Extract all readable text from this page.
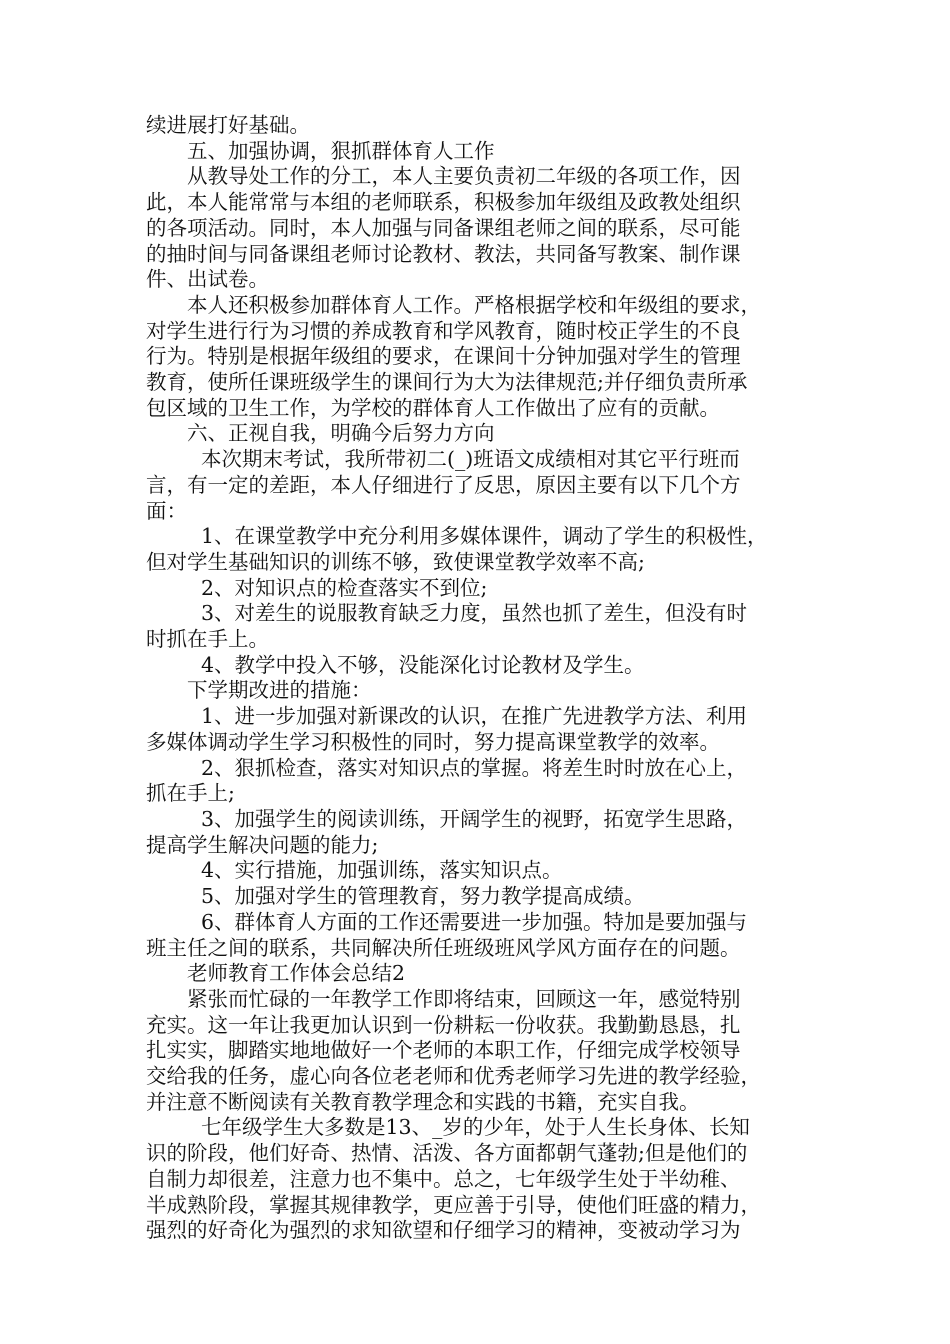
续进展打好基础。

五、加强协调，狠抓群体育人工作

从教导处工作的分工，本人主要负责初二年级的各项工作，因

此，本人能常常与本组的老师联系，积极参加年级组及政教处组织

的各项活动。同时，本人加强与同备课组老师之间的联系，尽可能

的抽时间与同备课组老师讨论教材、教法，共同备写教案、制作课

件、出试卷。

本人还积极参加群体育人工作。严格根据学校和年级组的要求，

对学生进行行为习惯的养成教育和学风教育，随时校正学生的不良

行为。特别是根据年级组的要求，在课间十分钟加强对学生的管理

教育，使所任课班级学生的课间行为大为法律规范;并仔细负责所承

包区域的卫生工作，为学校的群体育人工作做出了应有的贡献。

六、正视自我，明确今后努力方向

本次期末考试，我所带初二(_)班语文成绩相对其它平行班而

言，有一定的差距，本人仔细进行了反思，原因主要有以下几个方

面：

1、在课堂教学中充分利用多媒体课件，调动了学生的积极性，

但对学生基础知识的训练不够，致使课堂教学效率不高;

2、对知识点的检查落实不到位;

3、对差生的说服教育缺乏力度，虽然也抓了差生，但没有时

时抓在手上。

4、教学中投入不够，没能深化讨论教材及学生。

下学期改进的措施：

1、进一步加强对新课改的认识，在推广先进教学方法、利用

多媒体调动学生学习积极性的同时，努力提高课堂教学的效率。

2、狠抓检查，落实对知识点的掌握。将差生时时放在心上，

抓在手上;

3、加强学生的阅读训练，开阔学生的视野，拓宽学生思路，

提高学生解决问题的能力;

4、实行措施，加强训练，落实知识点。

5、加强对学生的管理教育，努力教学提高成绩。

6、群体育人方面的工作还需要进一步加强。特加是要加强与

班主任之间的联系，共同解决所任班级班风学风方面存在的问题。

老师教育工作体会总结2

紧张而忙碌的一年教学工作即将结束，回顾这一年，感觉特别

充实。这一年让我更加认识到一份耕耘一份收获。我勤勤恳恳，扎

扎实实，脚踏实地地做好一个老师的本职工作，仔细完成学校领导

交给我的任务，虚心向各位老老师和优秀老师学习先进的教学经验，

并注意不断阅读有关教育教学理念和实践的书籍，充实自我。

七年级学生大多数是13、_岁的少年，处于人生长身体、长知

识的阶段，他们好奇、热情、活泼、各方面都朝气蓬勃;但是他们的

自制力却很差，注意力也不集中。总之，七年级学生处于半幼稚、

半成熟阶段，掌握其规律教学，更应善于引导，使他们旺盛的精力，

强烈的好奇化为强烈的求知欲望和仔细学习的精神，变被动学习为
